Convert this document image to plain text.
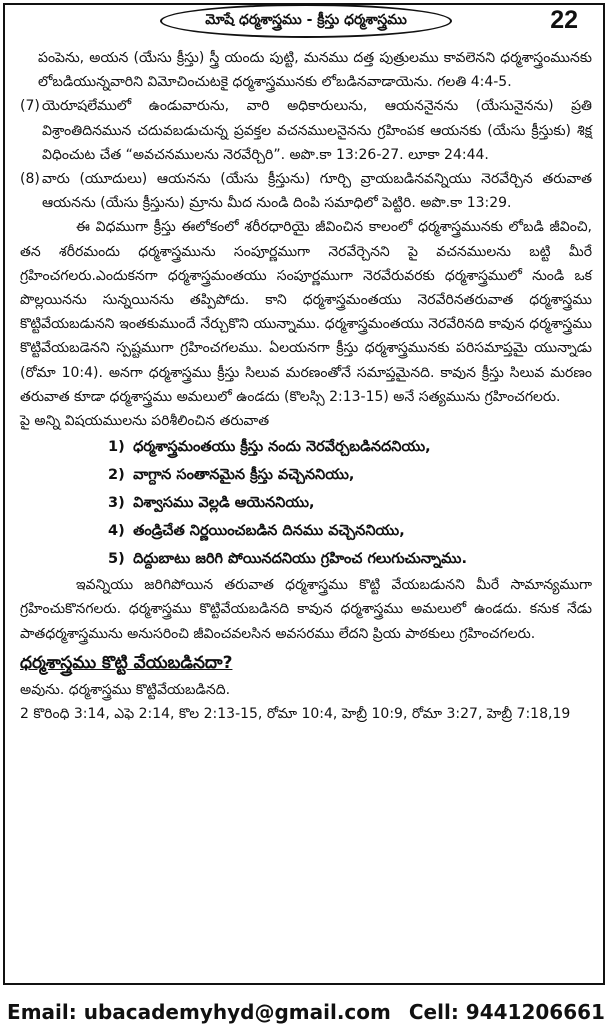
మోషే ధర్మశాస్త్రము - క్రీస్తు ధర్మశాస్త్రము	22

పంపెను, అయన (యేసు క్రీస్తు) స్త్రీ యందు పుట్టి, మనము దత్త పుత్రులము కావలెనని ధర్మశాస్త్రంమునకు లోబడియున్నవారిని విమోచించుటకై ధర్మశాస్త్రమునకు లోబడినవాడాయెను. గలతి 4:4-5.

(7) యెరూషలేములో ఉండువారును, వారి అధికారులును, ఆయననైనను (యేసునైనను) ప్రతి విశ్రాంతిదినమున చదువబడుచున్న ప్రవక్తల వచనములనైనను గ్రహింపక ఆయనకు (యేసు క్రీస్తుకు) శిక్ష విధించుట చేత “అవచనములను నెరవేర్చిరి”. అపొ.కా 13:26-27. లూకా 24:44.

(8) వారు (యూదులు) ఆయనను (యేసు క్రీస్తును) గూర్చి వ్రాయబడినవన్నియు నెరవేర్చిన తరువాత ఆయనను (యేసు క్రీస్తును) మ్రాను మీద నుండి దింపి సమాధిలో పెట్టిరి. అపొ.కా 13:29.

ఈ విధముగా క్రీస్తు ఈలోకంలో శరీరధారియై జీవించిన కాలంలో ధర్మశాస్త్రమునకు లోబడి జీవించి, తన శరీరమందు ధర్మశాస్త్రమును సంపూర్ణముగా నెరవేర్చెనని పై వచనములను బట్టి మీరే గ్రహించగలరు.ఎందుకనగా ధర్మశాస్త్రమంతయు సంపూర్ణముగా నెరవేరువరకు ధర్మశాస్త్రములో నుండి ఒక పొల్లయినను సున్నయినను తప్పిపోదు. కాని ధర్మశాస్త్రమంతయు నెరవేరినతరువాత ధర్మశాస్త్రము కొట్టివేయబడునని ఇంతకుముందే నేర్చుకొని యున్నాము. ధర్మశాస్త్రమంతయు నెరవేరినది కావున ధర్మశాస్త్రము కొట్టివేయబడెనని స్పష్టముగా గ్రహించగలము. ఏలయనగా క్రీస్తు ధర్మశాస్త్రమునకు పరిసమాప్తమై యున్నాడు (రోమా 10:4). అనగా ధర్మశాస్త్రము క్రీస్తు సిలువ మరణంతోనే సమాప్తమైనది. కావున క్రీస్తు సిలువ మరణం తరువాత కూడా ధర్మశాస్త్రము అమలులో ఉండదు (కొలస్సి 2:13-15) అనే సత్యమును గ్రహించగలరు.

పై అన్ని విషయములను పరిశీలించిన తరువాత

1) ధర్మశాస్త్రమంతయు క్రీస్తు నందు నెరవేర్చబడినదనియు,
2) వాగ్దాన సంతానమైన క్రీస్తు వచ్చెననియు,
3) విశ్వాసము వెల్లడి ఆయెననియు,
4) తండ్రిచేత నిర్ణయించబడిన దినము వచ్చెననియు,
5) దిద్దుబాటు జరిగి పోయినదనియు గ్రహించ గలుగుచున్నాము.

ఇవన్నియు జరిగిపోయిన తరువాత ధర్మశాస్త్రము కొట్టి వేయబడునని మీరే సామాన్యముగా గ్రహించుకొనగలరు. ధర్మశాస్త్రము కొట్టివేయబడినది కావున ధర్మశాస్త్రము అమలులో ఉండదు. కనుక నేడు పాతధర్మశాస్త్రమును అనుసరించి జీవించవలసిన అవసరము లేదని ప్రియ పాఠకులు గ్రహించగలరు.

ధర్మశాస్త్రము కొట్టి వేయబడినదా?

అవును. ధర్మశాస్త్రము కొట్టివేయబడినది.

2 కొరింధి 3:14, ఎఫె 2:14, కొల 2:13-15, రోమా 10:4, హెబ్రీ 10:9, రోమా 3:27, హెబ్రీ 7:18,19

Email: ubacademyhyd@gmail.com Cell: 9441206661
